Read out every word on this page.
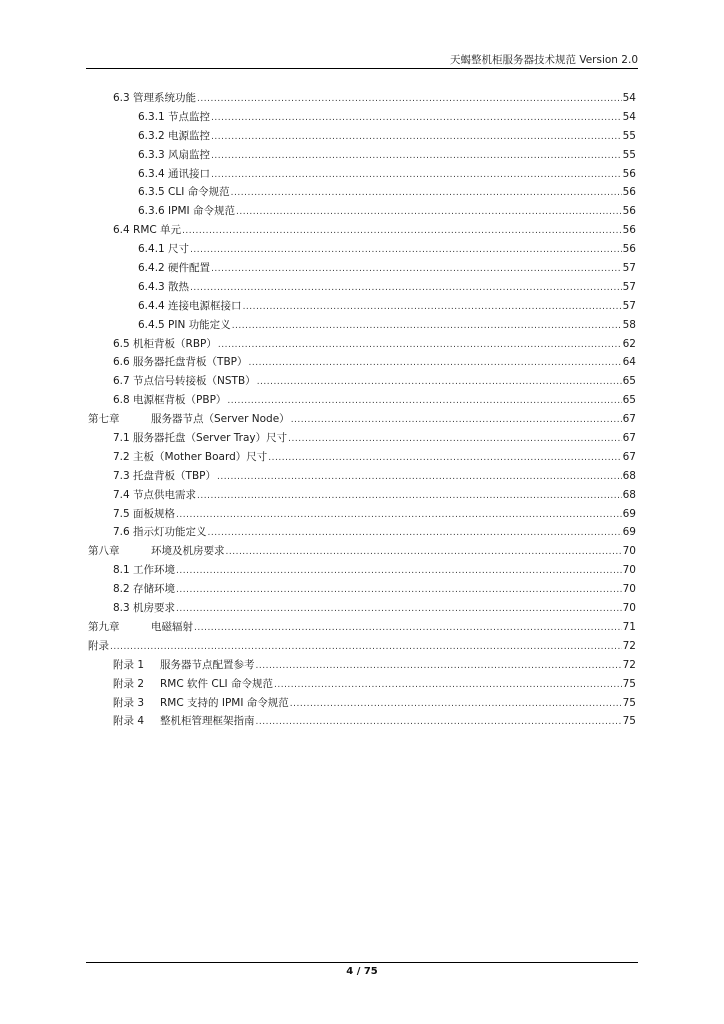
天蝎整机柜服务器技术规范 Version 2.0
6.3 管理系统功能 .....	54
6.3.1 节点监控 .....	54
6.3.2 电源监控 .....	55
6.3.3 风扇监控 .....	55
6.3.4 通讯接口 .....	56
6.3.5 CLI 命令规范 .....	56
6.3.6 IPMI 命令规范 .....	56
6.4 RMC 单元 .....	56
6.4.1 尺寸 .....	56
6.4.2 硬件配置 .....	57
6.4.3 散热 .....	57
6.4.4 连接电源框接口 .....	57
6.4.5 PIN 功能定义 .....	58
6.5 机柜背板（RBP） .....	62
6.6 服务器托盘背板（TBP） .....	64
6.7 节点信号转接板（NSTB） .....	65
6.8 电源框背板（PBP） .....	65
第七章	服务器节点（Server Node） .....	67
7.1 服务器托盘（Server Tray）尺寸 .....	67
7.2 主板（Mother Board）尺寸 .....	67
7.3 托盘背板（TBP） .....	68
7.4 节点供电需求 .....	68
7.5 面板规格 .....	69
7.6 指示灯功能定义 .....	69
第八章	环境及机房要求 .....	70
8.1 工作环境 .....	70
8.2 存储环境 .....	70
8.3 机房要求 .....	70
第九章	电磁辐射 .....	71
附录 .....	72
附录 1 服务器节点配置参考 .....	72
附录 2 RMC 软件 CLI 命令规范 .....	75
附录 3 RMC 支持的 IPMI 命令规范 .....	75
附录 4 整机柜管理框架指南 .....	75
4 / 75
